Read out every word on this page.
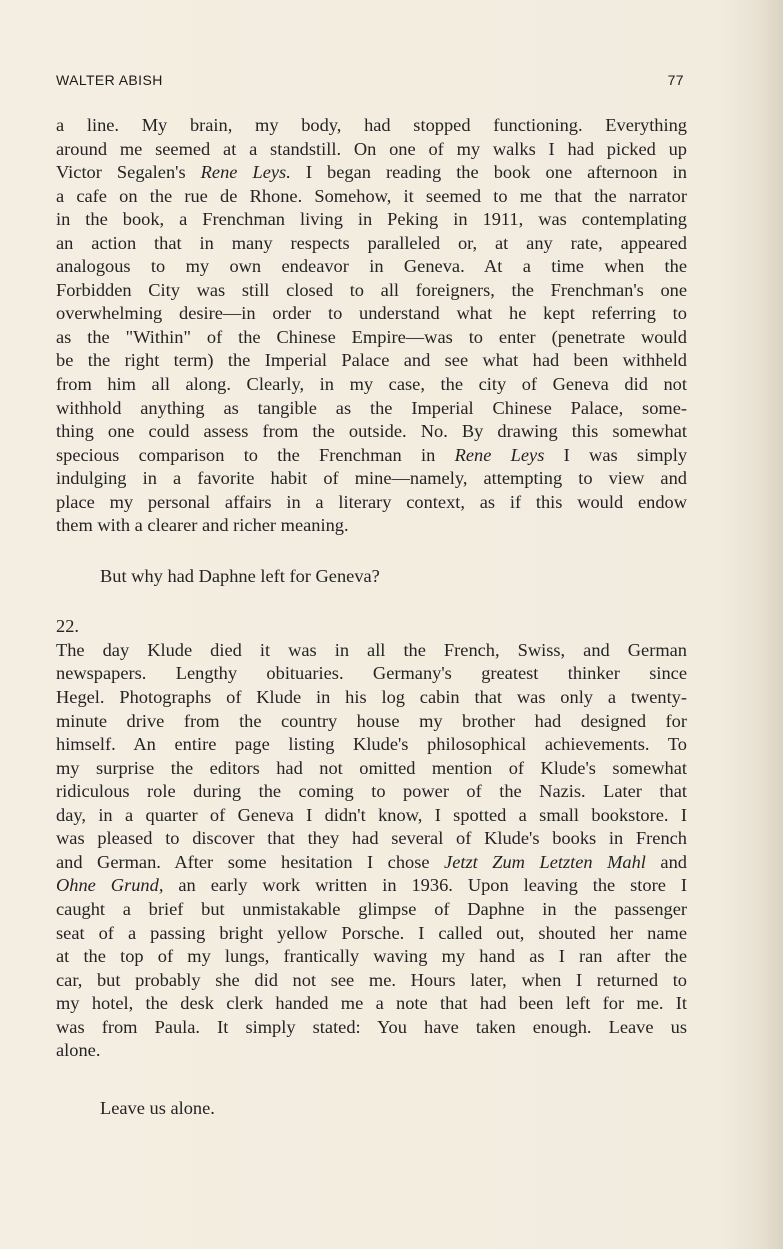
WALTER ABISH	77

a line. My brain, my body, had stopped functioning. Everything
around me seemed at a standstill. On one of my walks I had picked up
Victor Segalen's Rene Leys. I began reading the book one afternoon in
a cafe on the rue de Rhone. Somehow, it seemed to me that the narrator
in the book, a Frenchman living in Peking in 1911, was contemplating
an action that in many respects paralleled or, at any rate, appeared
analogous to my own endeavor in Geneva. At a time when the
Forbidden City was still closed to all foreigners, the Frenchman's one
overwhelming desire—in order to understand what he kept referring to
as the "Within" of the Chinese Empire—was to enter (penetrate would
be the right term) the Imperial Palace and see what had been withheld
from him all along. Clearly, in my case, the city of Geneva did not
withhold anything as tangible as the Imperial Chinese Palace, some-
thing one could assess from the outside. No. By drawing this somewhat
specious comparison to the Frenchman in Rene Leys I was simply
indulging in a favorite habit of mine—namely, attempting to view and
place my personal affairs in a literary context, as if this would endow
them with a clearer and richer meaning.

But why had Daphne left for Geneva?

22.

The day Klude died it was in all the French, Swiss, and German
newspapers. Lengthy obituaries. Germany's greatest thinker since
Hegel. Photographs of Klude in his log cabin that was only a twenty-
minute drive from the country house my brother had designed for
himself. An entire page listing Klude's philosophical achievements. To
my surprise the editors had not omitted mention of Klude's somewhat
ridiculous role during the coming to power of the Nazis. Later that
day, in a quarter of Geneva I didn't know, I spotted a small bookstore. I
was pleased to discover that they had several of Klude's books in French
and German. After some hesitation I chose Jetzt Zum Letzten Mahl and
Ohne Grund, an early work written in 1936. Upon leaving the store I
caught a brief but unmistakable glimpse of Daphne in the passenger
seat of a passing bright yellow Porsche. I called out, shouted her name
at the top of my lungs, frantically waving my hand as I ran after the
car, but probably she did not see me. Hours later, when I returned to
my hotel, the desk clerk handed me a note that had been left for me. It
was from Paula. It simply stated: You have taken enough. Leave us
alone.

Leave us alone.
